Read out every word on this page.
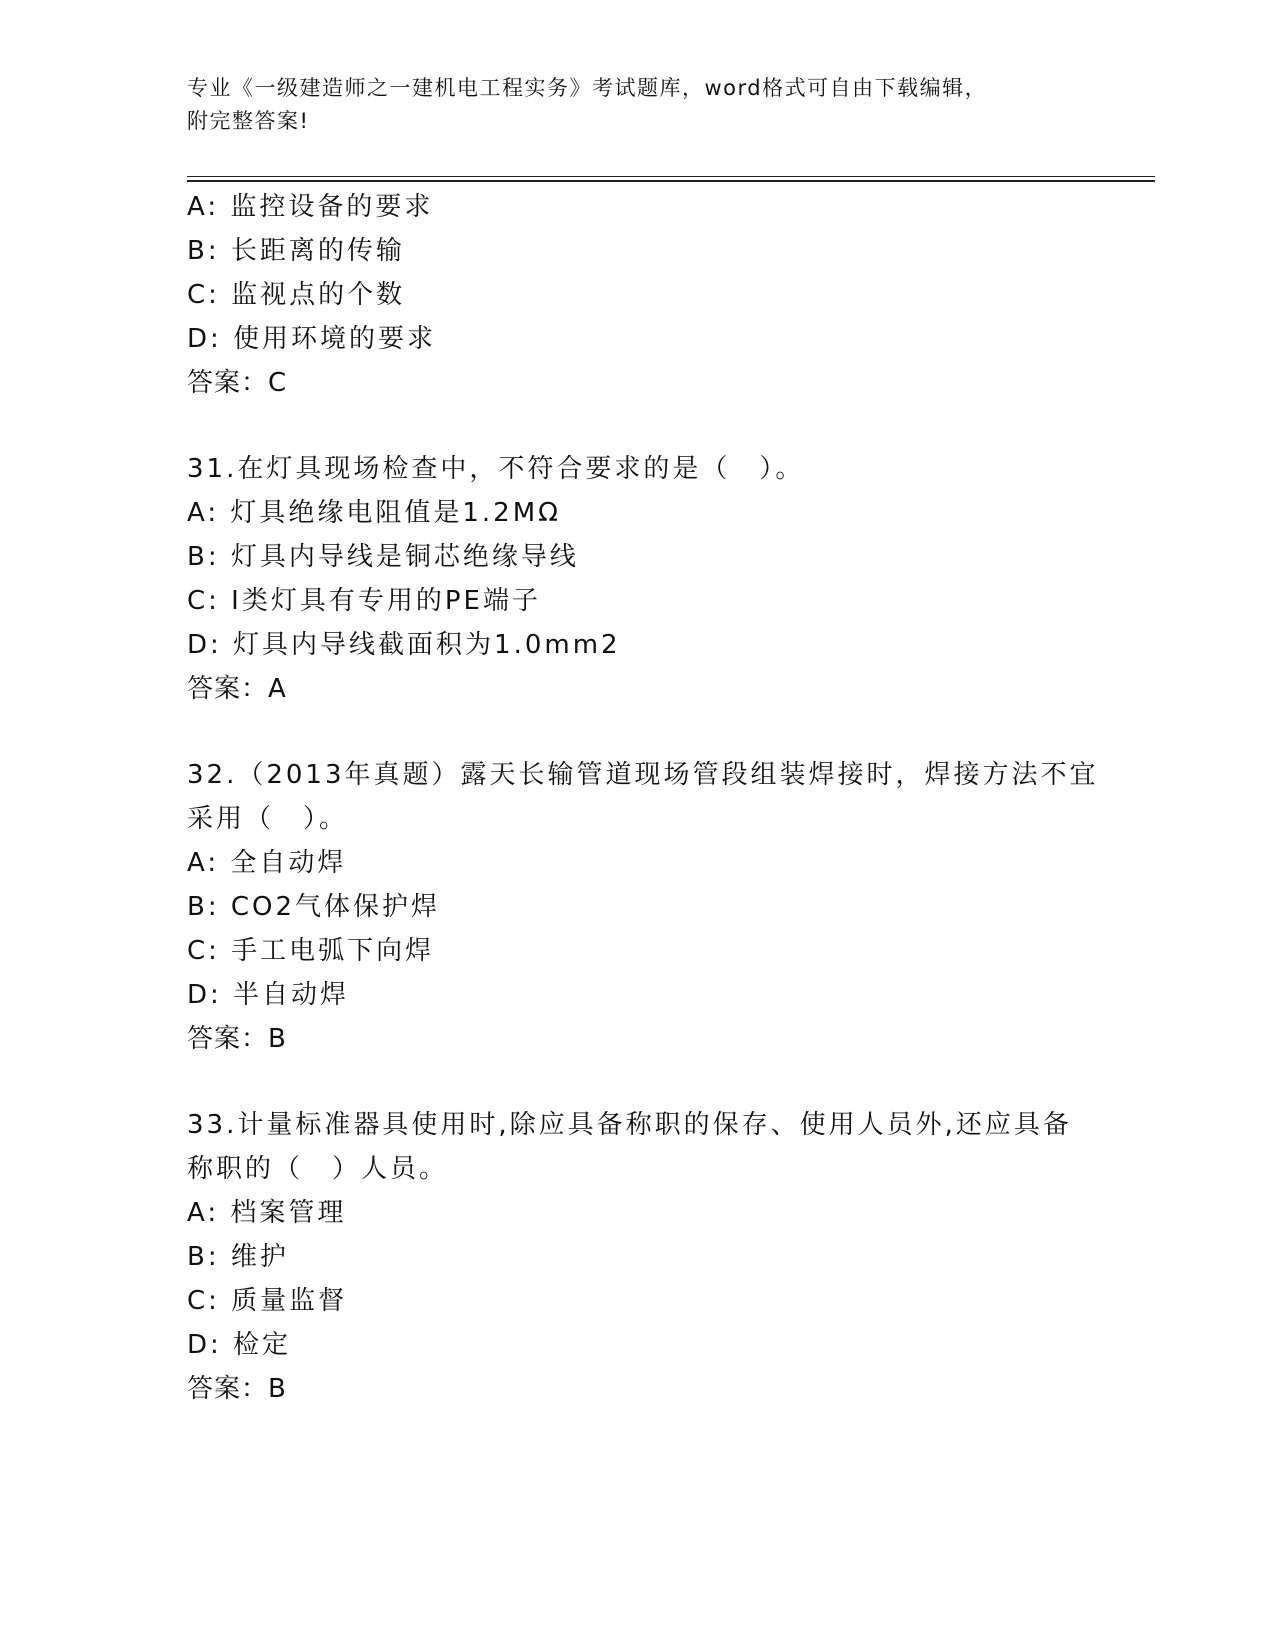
专业《一级建造师之一建机电工程实务》考试题库，word格式可自由下载编辑，
附完整答案!
A: 监控设备的要求
B: 长距离的传输
C: 监视点的个数
D: 使用环境的要求
答案：C
31.在灯具现场检查中，不符合要求的是（　）。
A: 灯具绝缘电阻值是1.2MΩ
B: 灯具内导线是铜芯绝缘导线
C: Ⅰ类灯具有专用的PE端子
D: 灯具内导线截面积为1.0mm2
答案：A
32.（2013年真题）露天长输管道现场管段组装焊接时，焊接方法不宜
采用（　）。
A: 全自动焊
B: CO2气体保护焊
C: 手工电弧下向焊
D: 半自动焊
答案：B
33.计量标准器具使用时,除应具备称职的保存、使用人员外,还应具备
称职的（　）人员。
A: 档案管理
B: 维护
C: 质量监督
D: 检定
答案：B
